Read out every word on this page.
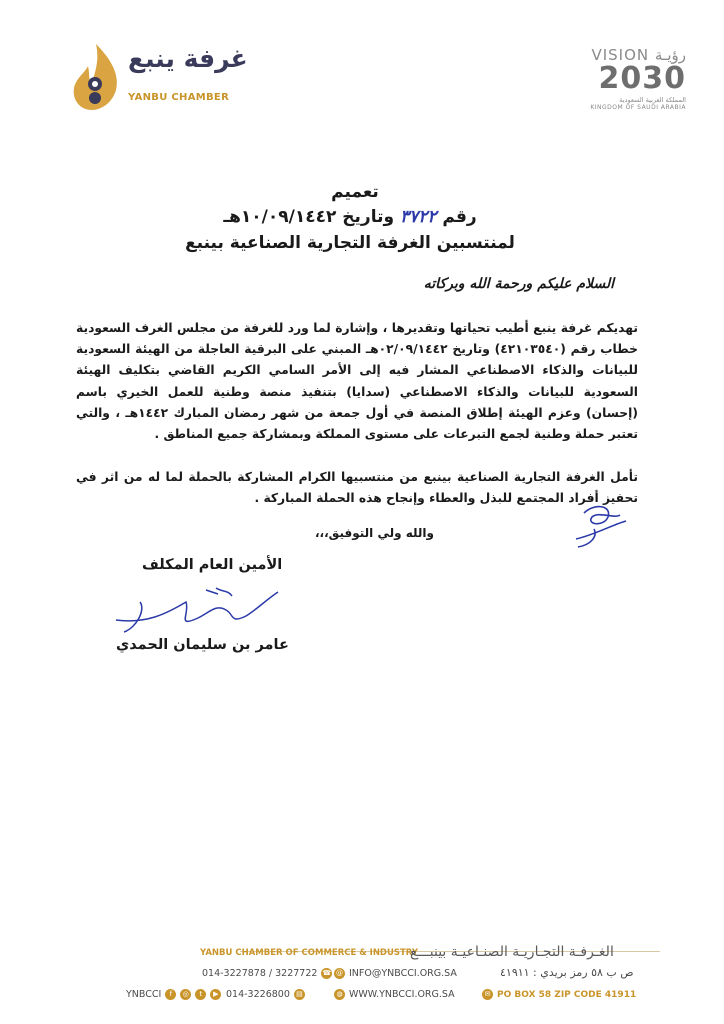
غرفة ينبع
YANBU CHAMBER
VISION رؤيـة
2030
المملكة العربية السعودية
KINGDOM OF SAUDI ARABIA
تعميم
رقم ٣٧٢٢ وتاريخ ١٠/٠٩/١٤٤٢هـ
لمنتسبين الغرفة التجارية الصناعية بينبع
السلام عليكم ورحمة الله وبركاته

تهديكم غرفة ينبع أطيب تحياتها وتقديرها ، وإشارة لما ورد للغرفة من مجلس الغرف السعودية خطاب رقم (٤٢١٠٣٥٤٠) وتاريخ ٠٢/٠٩/١٤٤٢هـ المبني على البرقية العاجلة من الهيئة السعودية للبيانات والذكاء الاصطناعي المشار فيه إلى الأمر السامي الكريم القاضي بتكليف الهيئة السعودية للبيانات والذكاء الاصطناعي (سدايا) بتنفيذ منصة وطنية للعمل الخيري باسم (إحسان) وعزم الهيئة إطلاق المنصة في أول جمعة من شهر رمضان المبارك ١٤٤٢هـ ، والتي تعتبر حملة وطنية لجمع التبرعات على مستوى المملكة وبمشاركة جميع المناطق .

تأمل الغرفة التجارية الصناعية بينبع من منتسبيها الكرام المشاركة بالحملة لما له من اثر في تحفيز أفراد المجتمع للبذل والعطاء وإنجاح هذه الحملة المباركة .
والله ولي التوفيق،،،
الأمين العام المكلف
عامر بن سليمان الحمدي
YANBU CHAMBER OF COMMERCE & INDUSTRY
الغـرفـة التجـاريـة الصنـاعيـة بينبـــع
014-3227878 / 3227722 ☎ @ INFO@YNBCCI.ORG.SA	ص ب ٥٨ رمز بريدي : ٤١٩١١
YNBCCI	f	◎	t	▶ 014-3226800 ▤	◍ WWW.YNBCCI.ORG.SA	✉ PO BOX 58 ZIP CODE 41911
